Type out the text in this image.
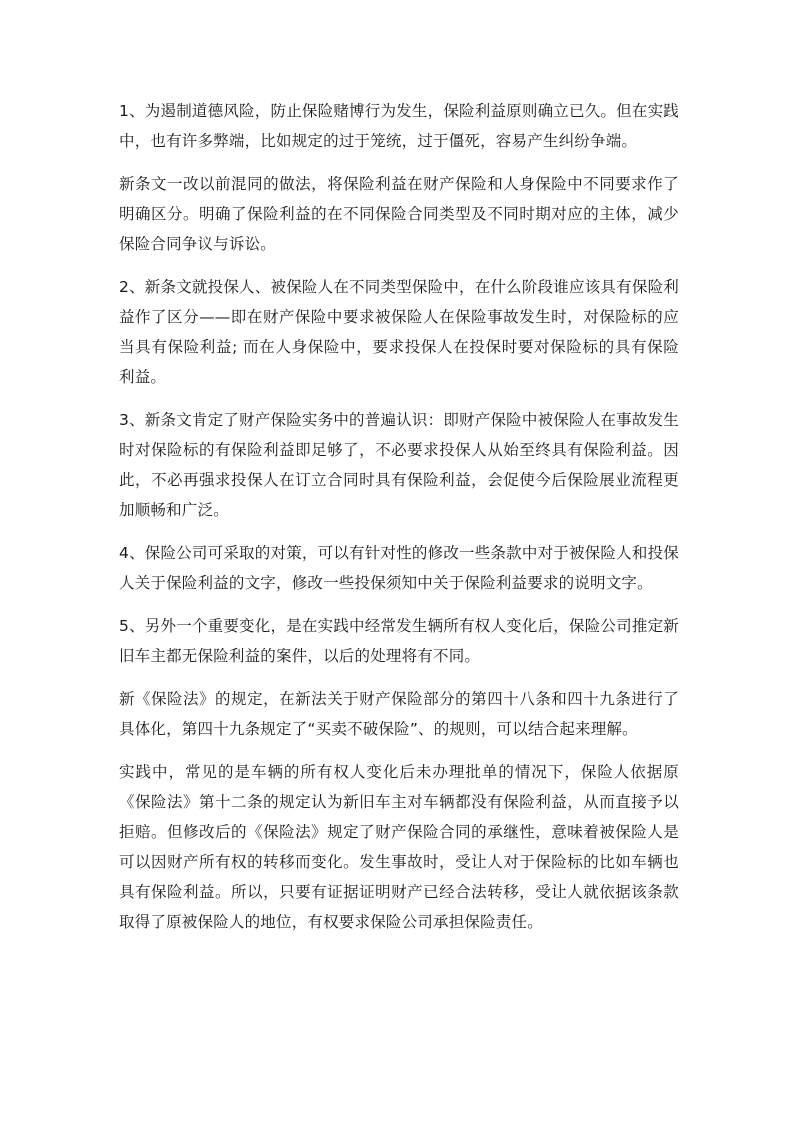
1、为遏制道德风险，防止保险赌博行为发生，保险利益原则确立已久。但在实践中，也有许多弊端，比如规定的过于笼统，过于僵死，容易产生纠纷争端。

新条文一改以前混同的做法，将保险利益在财产保险和人身保险中不同要求作了明确区分。明确了保险利益的在不同保险合同类型及不同时期对应的主体，减少保险合同争议与诉讼。

2、新条文就投保人、被保险人在不同类型保险中，在什么阶段谁应该具有保险利益作了区分——即在财产保险中要求被保险人在保险事故发生时，对保险标的应当具有保险利益; 而在人身保险中，要求投保人在投保时要对保险标的具有保险利益。

3、新条文肯定了财产保险实务中的普遍认识：即财产保险中被保险人在事故发生时对保险标的有保险利益即足够了，不必要求投保人从始至终具有保险利益。因此，不必再强求投保人在订立合同时具有保险利益，会促使今后保险展业流程更加顺畅和广泛。

4、保险公司可采取的对策，可以有针对性的修改一些条款中对于被保险人和投保人关于保险利益的文字，修改一些投保须知中关于保险利益要求的说明文字。

5、另外一个重要变化，是在实践中经常发生辆所有权人变化后，保险公司推定新旧车主都无保险利益的案件，以后的处理将有不同。

新《保险法》的规定，在新法关于财产保险部分的第四十八条和四十九条进行了具体化，第四十九条规定了“买卖不破保险”、的规则，可以结合起来理解。

实践中，常见的是车辆的所有权人变化后未办理批单的情况下，保险人依据原《保险法》第十二条的规定认为新旧车主对车辆都没有保险利益，从而直接予以拒赔。但修改后的《保险法》规定了财产保险合同的承继性，意味着被保险人是可以因财产所有权的转移而变化。发生事故时，受让人对于保险标的比如车辆也具有保险利益。所以，只要有证据证明财产已经合法转移，受让人就依据该条款取得了原被保险人的地位，有权要求保险公司承担保险责任。
